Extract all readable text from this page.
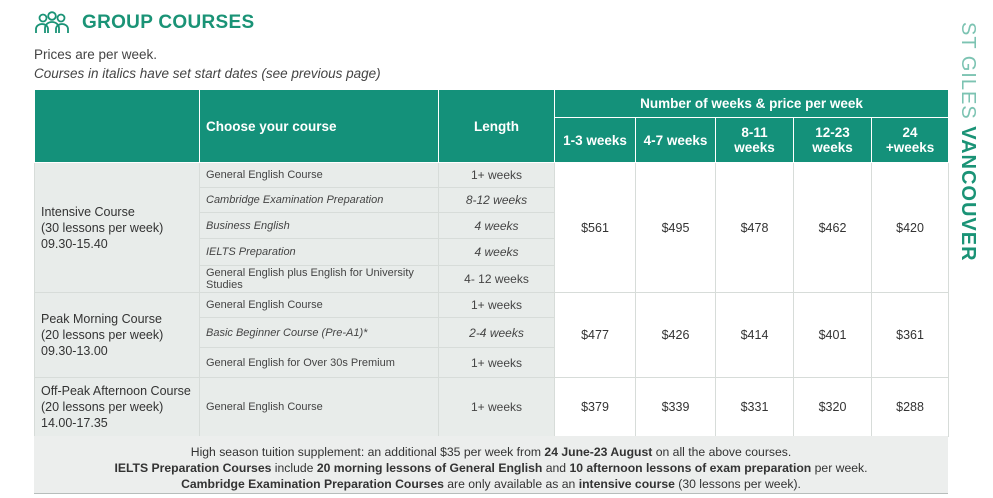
GROUP COURSES
Prices are per week.
Courses in italics have set start dates (see previous page)	ST GILES VANCOUVER
	Choose your course	Length	Number of weeks & price per week				
			1-3 weeks	4-7 weeks	8-11 weeks	12-23 weeks	24 +weeks

Intensive Course
(30 lessons per week)
09.30-15.40	General English Course	1+ weeks	$561	$495	$478	$462	$420
	Cambridge Examination Preparation	8-12 weeks					
	Business English	4 weeks					
	IELTS Preparation	4 weeks					
	General English plus English for University Studies	4- 12 weeks					

Peak Morning Course
(20 lessons per week)
09.30-13.00	General English Course	1+ weeks	$477	$426	$414	$401	$361
	Basic Beginner Course (Pre-A1)*	2-4 weeks					
	General English for Over 30s Premium	1+ weeks					

Off-Peak Afternoon Course
(20 lessons per week)
14.00-17.35	General English Course	1+ weeks	$379	$339	$331	$320	$288

High season tuition supplement: an additional $35 per week from 24 June-23 August on all the above courses.

IELTS Preparation Courses include 20 morning lessons of General English and 10 afternoon lessons of exam preparation per week.

Cambridge Examination Preparation Courses are only available as an intensive course (30 lessons per week).
